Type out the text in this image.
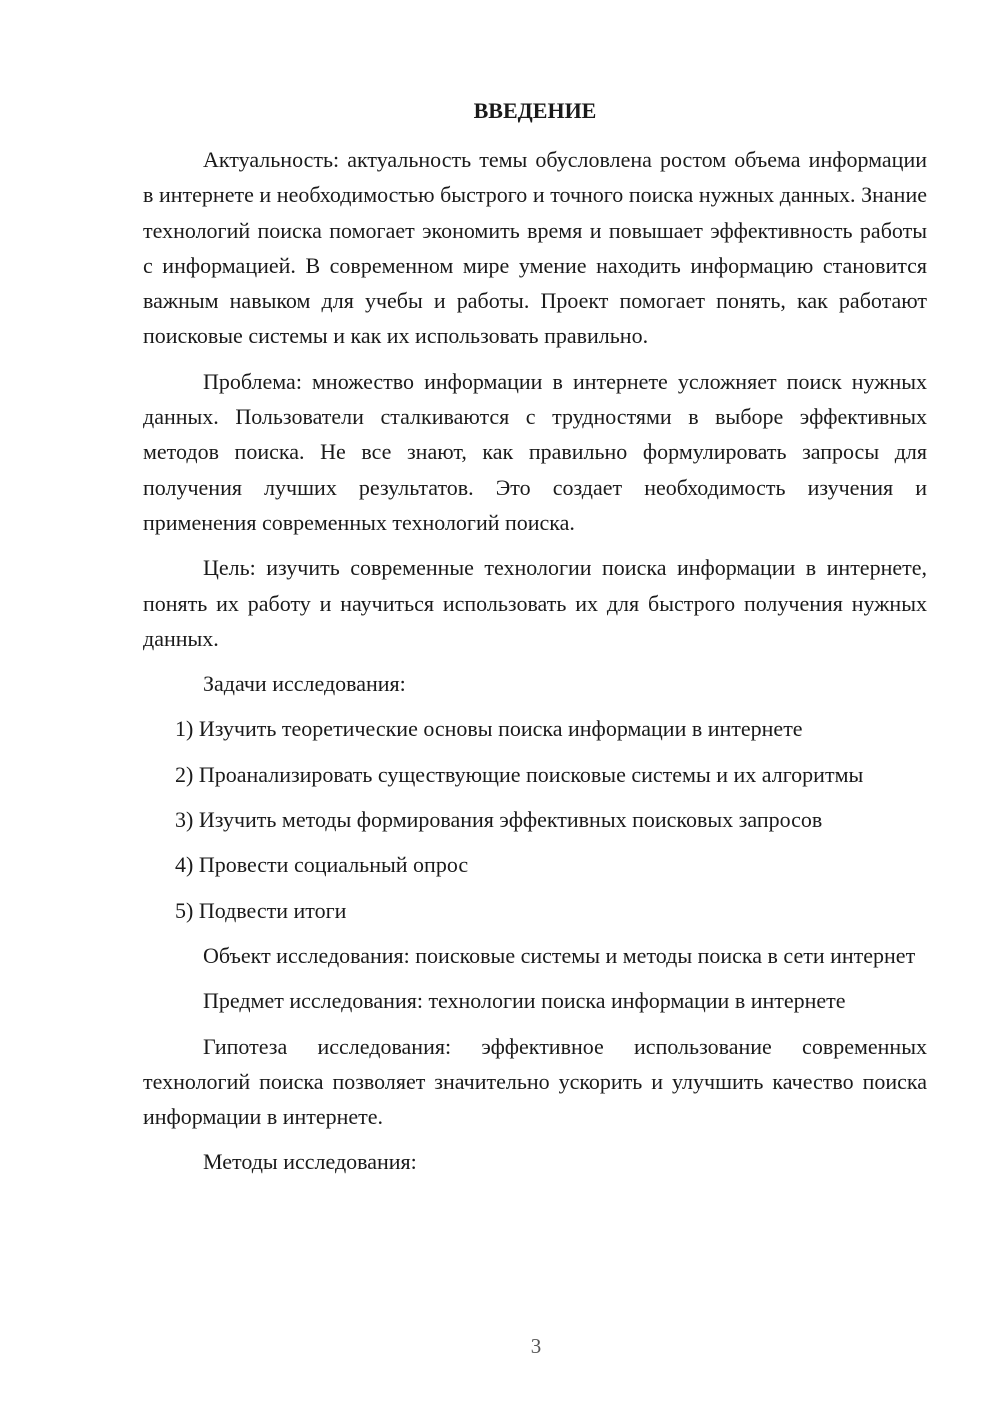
ВВЕДЕНИЕ

Актуальность: актуальность темы обусловлена ростом объема информации в интернете и необходимостью быстрого и точного поиска нужных данных. Знание технологий поиска помогает экономить время и повышает эффективность работы с информацией. В современном мире умение находить информацию становится важным навыком для учебы и работы. Проект помогает понять, как работают поисковые системы и как их использовать правильно.

Проблема: множество информации в интернете усложняет поиск нужных данных. Пользователи сталкиваются с трудностями в выборе эффективных методов поиска. Не все знают, как правильно формулировать запросы для получения лучших результатов. Это создает необходимость изучения и применения современных технологий поиска.

Цель: изучить современные технологии поиска информации в интернете, понять их работу и научиться использовать их для быстрого получения нужных данных.

Задачи исследования:

1) Изучить теоретические основы поиска информации в интернете

2) Проанализировать существующие поисковые системы и их алгоритмы

3) Изучить методы формирования эффективных поисковых запросов

4) Провести социальный опрос

5) Подвести итоги

Объект исследования: поисковые системы и методы поиска в сети интернет

Предмет исследования: технологии поиска информации в интернете

Гипотеза исследования: эффективное использование современных технологий поиска позволяет значительно ускорить и улучшить качество поиска информации в интернете.

Методы исследования:

3
